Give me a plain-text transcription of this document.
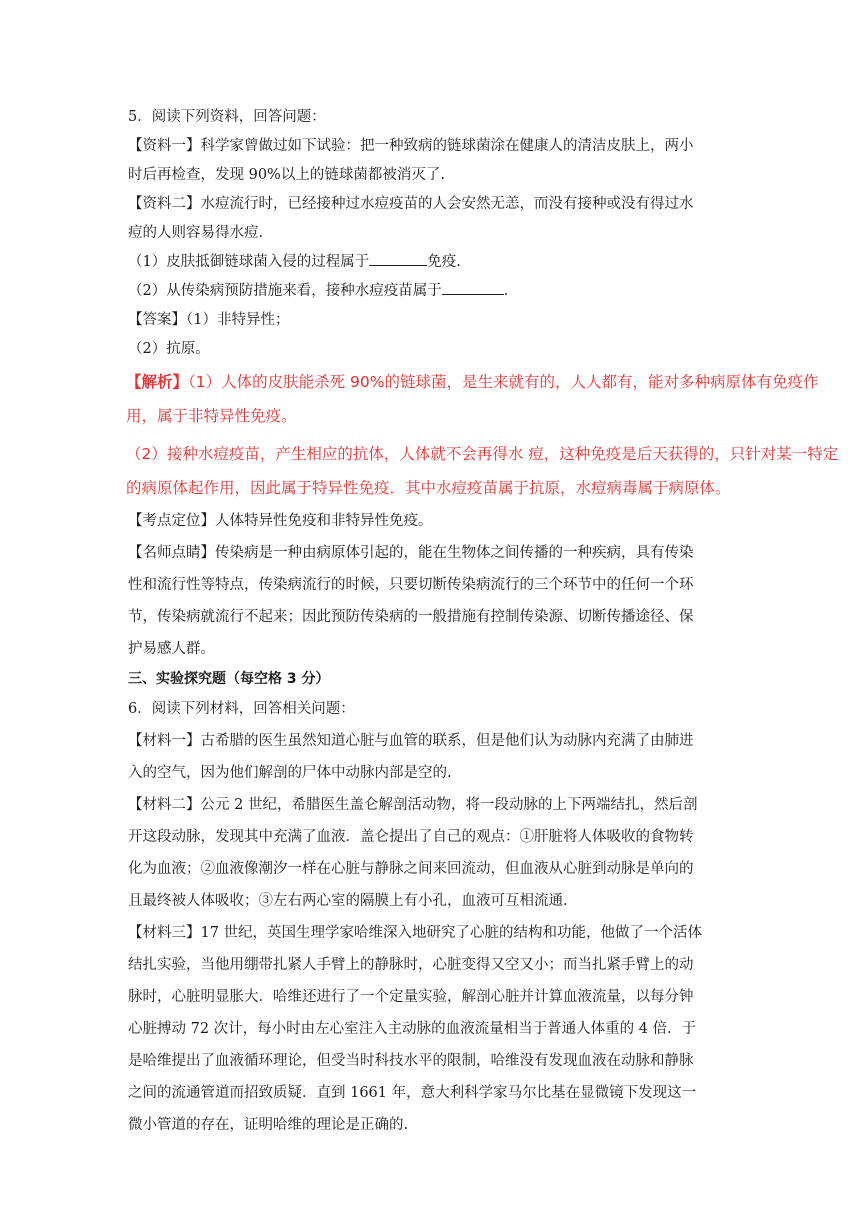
5．阅读下列资料，回答问题：

【资料一】科学家曾做过如下试验：把一种致病的链球菌涂在健康人的清洁皮肤上，两小

时后再检查，发现 90%以上的链球菌都被消灭了.

【资料二】水痘流行时，已经接种过水痘疫苗的人会安然无恙，而没有接种或没有得过水

痘的人则容易得水痘.

（1）皮肤抵御链球菌入侵的过程属于	免疫.

（2）从传染病预防措施来看，接种水痘疫苗属于	.

【答案】（1）非特异性；

（2）抗原。

【解析】（1）人体的皮肤能杀死 90%的链球菌，是生来就有的，人人都有，能对多种病原体有免疫作用，属于非特异性免疫。

（2）接种水痘疫苗，产生相应的抗体，人体就不会再得水 痘，这种免疫是后天获得的，只针对某一特定的病原体起作用，因此属于特异性免疫．其中水痘疫苗属于抗原，水痘病毒属于病原体。

【考点定位】人体特异性免疫和非特异性免疫。

【名师点睛】传染病是一种由病原体引起的，能在生物体之间传播的一种疾病，具有传染

性和流行性等特点，传染病流行的时候，只要切断传染病流行的三个环节中的任何一个环

节，传染病就流行不起来；因此预防传染病的一般措施有控制传染源、切断传播途径、保

护易感人群。

三、实验探究题（每空格 3 分）

6．阅读下列材料，回答相关问题：

【材料一】古希腊的医生虽然知道心脏与血管的联系，但是他们认为动脉内充满了由肺进

入的空气，因为他们解剖的尸体中动脉内部是空的.

【材料二】公元 2 世纪，希腊医生盖仑解剖活动物，将一段动脉的上下两端结扎，然后剖

开这段动脉，发现其中充满了血液．盖仑提出了自己的观点：①肝脏将人体吸收的食物转

化为血液；②血液像潮汐一样在心脏与静脉之间来回流动，但血液从心脏到动脉是单向的

且最终被人体吸收；③左右两心室的隔膜上有小孔，血液可互相流通.

【材料三】17 世纪，英国生理学家哈维深入地研究了心脏的结构和功能，他做了一个活体

结扎实验，当他用绷带扎紧人手臂上的静脉时，心脏变得又空又小；而当扎紧手臂上的动

脉时，心脏明显胀大．哈维还进行了一个定量实验，解剖心脏并计算血液流量，以每分钟

心脏搏动 72 次计，每小时由左心室注入主动脉的血液流量相当于普通人体重的 4 倍．于

是哈维提出了血液循环理论，但受当时科技水平的限制，哈维没有发现血液在动脉和静脉

之间的流通管道而招致质疑．直到 1661 年，意大利科学家马尔比基在显微镜下发现这一

微小管道的存在，证明哈维的理论是正确的.
